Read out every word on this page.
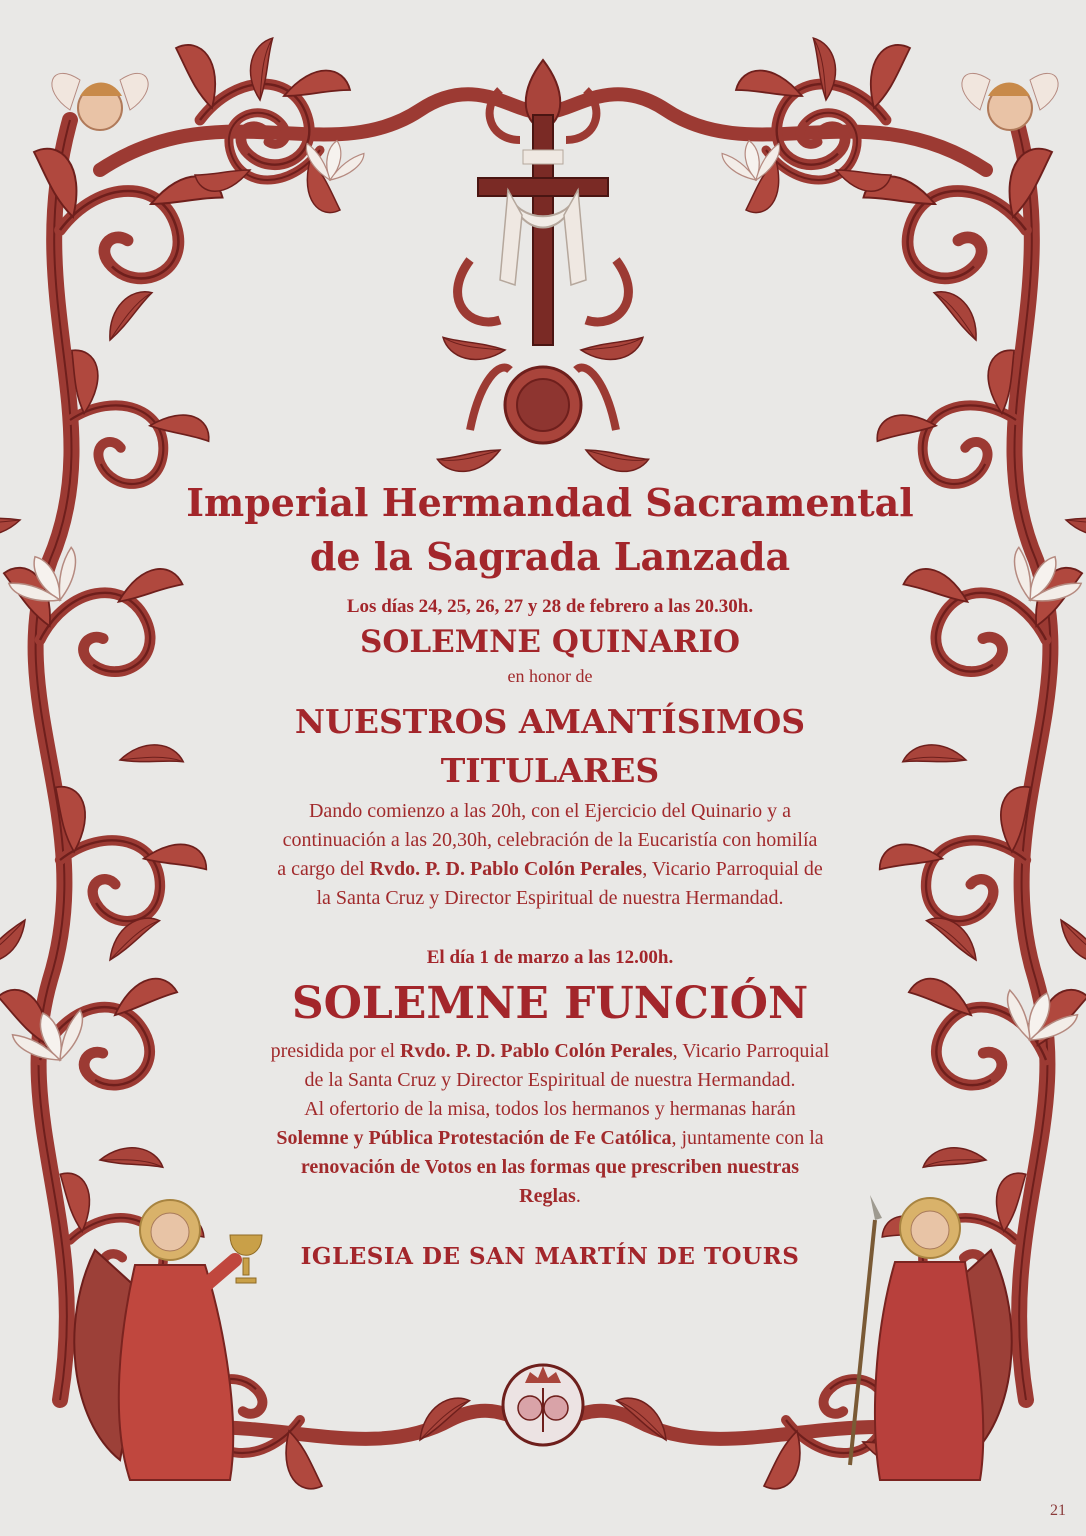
Imperial Hermandad Sacramental
de la Sagrada Lanzada
Los días 24, 25, 26, 27 y 28 de febrero a las 20.30h.
SOLEMNE QUINARIO
en honor de
NUESTROS AMANTÍSIMOS
TITULARES
Dando comienzo a las 20h, con el Ejercicio del Quinario y a
continuación a las 20,30h, celebración de la Eucaristía con homilía
a cargo del Rvdo. P. D. Pablo Colón Perales, Vicario Parroquial de
la Santa Cruz y Director Espiritual de nuestra Hermandad.
El día 1 de marzo a las 12.00h.
SOLEMNE FUNCIÓN
presidida por el Rvdo. P. D. Pablo Colón Perales, Vicario Parroquial
de la Santa Cruz y Director Espiritual de nuestra Hermandad.
Al ofertorio de la misa, todos los hermanos y hermanas harán
Solemne y Pública Protestación de Fe Católica, juntamente con la
renovación de Votos en las formas que prescriben nuestras
Reglas.
IGLESIA DE SAN MARTÍN DE TOURS
21
